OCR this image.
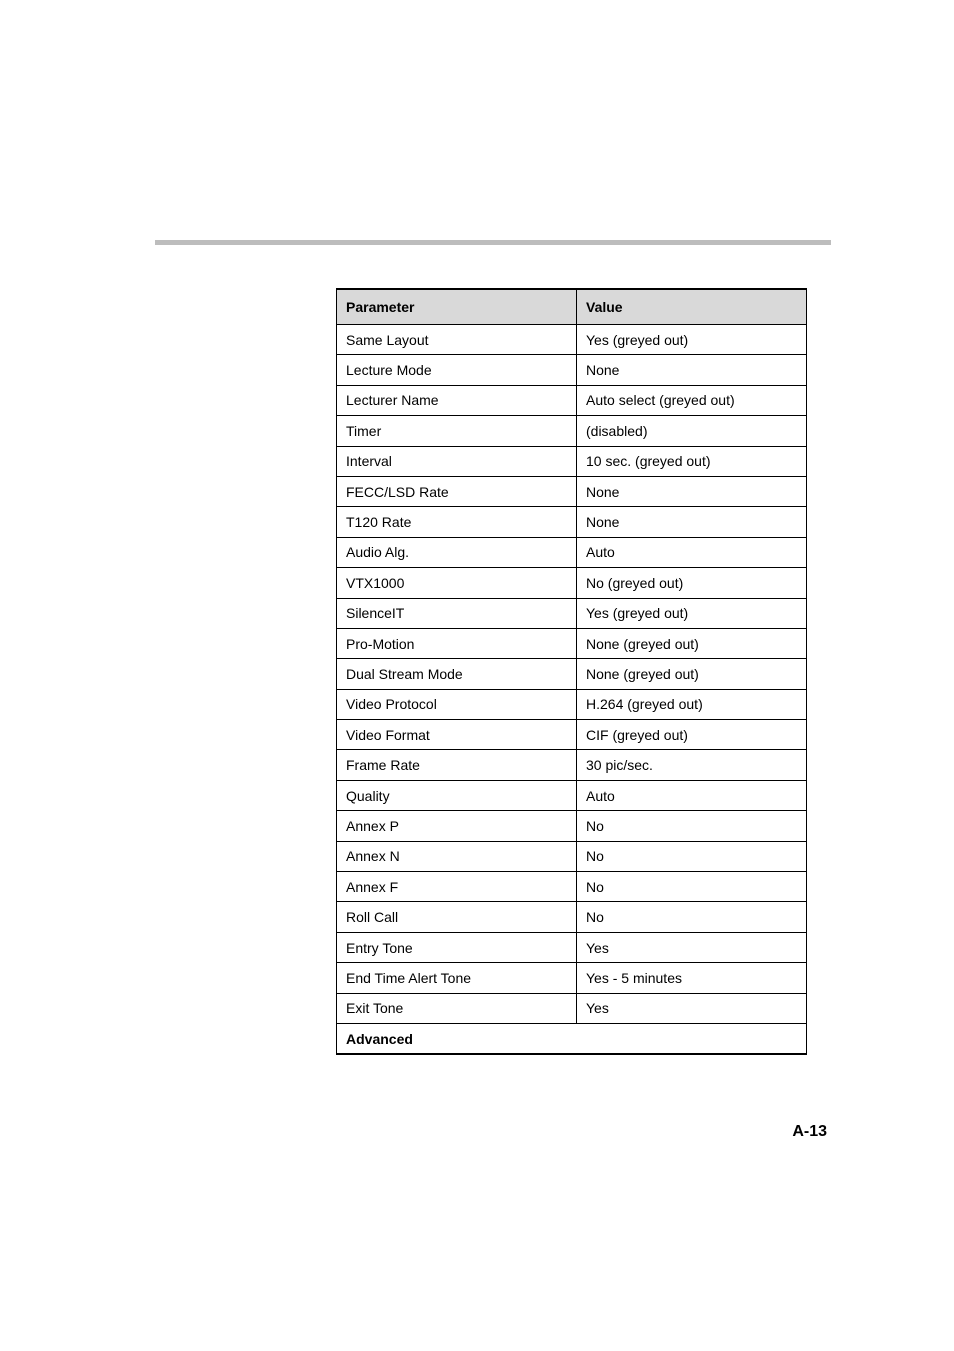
Parameter	Value
Same Layout	Yes (greyed out)
Lecture Mode	None
Lecturer Name	Auto select (greyed out)
Timer	(disabled)
Interval	10 sec. (greyed out)
FECC/LSD Rate	None
T120 Rate	None
Audio Alg.	Auto
VTX1000	No (greyed out)
SilenceIT	Yes (greyed out)
Pro-Motion	None (greyed out)
Dual Stream Mode	None (greyed out)
Video Protocol	H.264 (greyed out)
Video Format	CIF (greyed out)
Frame Rate	30 pic/sec.
Quality	Auto
Annex P	No
Annex N	No
Annex F	No
Roll Call	No
Entry Tone	Yes
End Time Alert Tone	Yes - 5 minutes
Exit Tone	Yes
Advanced	
A-13
